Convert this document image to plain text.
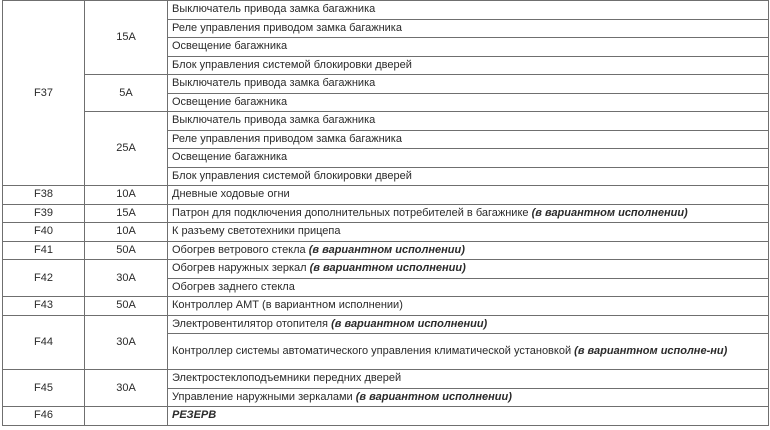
F37	15A	Выключатель привода замка багажника
		Реле управления приводом замка багажника
		Освещение багажника
		Блок управления системой блокировки дверей
	5A	Выключатель привода замка багажника
		Освещение багажника
	25A	Выключатель привода замка багажника
		Реле управления приводом замка багажника
		Освещение багажника
		Блок управления системой блокировки дверей
F38	10A	Дневные ходовые огни
F39	15A	Патрон для подключения дополнительных потребителей в багажнике (в вариантном исполнении)
F40	10A	К разъему светотехники прицепа
F41	50A	Обогрев ветрового стекла (в вариантном исполнении)
F42	30A	Обогрев наружных зеркал (в вариантном исполнении)
		Обогрев заднего стекла
F43	50A	Контроллер АМТ (в вариантном исполнении)
F44	30A	Электровентилятор отопителя (в вариантном исполнении)
		Контроллер системы автоматического управления климатической установкой (в вариантном исполне-ни)
F45	30A	Электростеклоподъемники передних дверей
		Управление наружными зеркалами (в вариантном исполнении)
F46		РЕЗЕРВ
